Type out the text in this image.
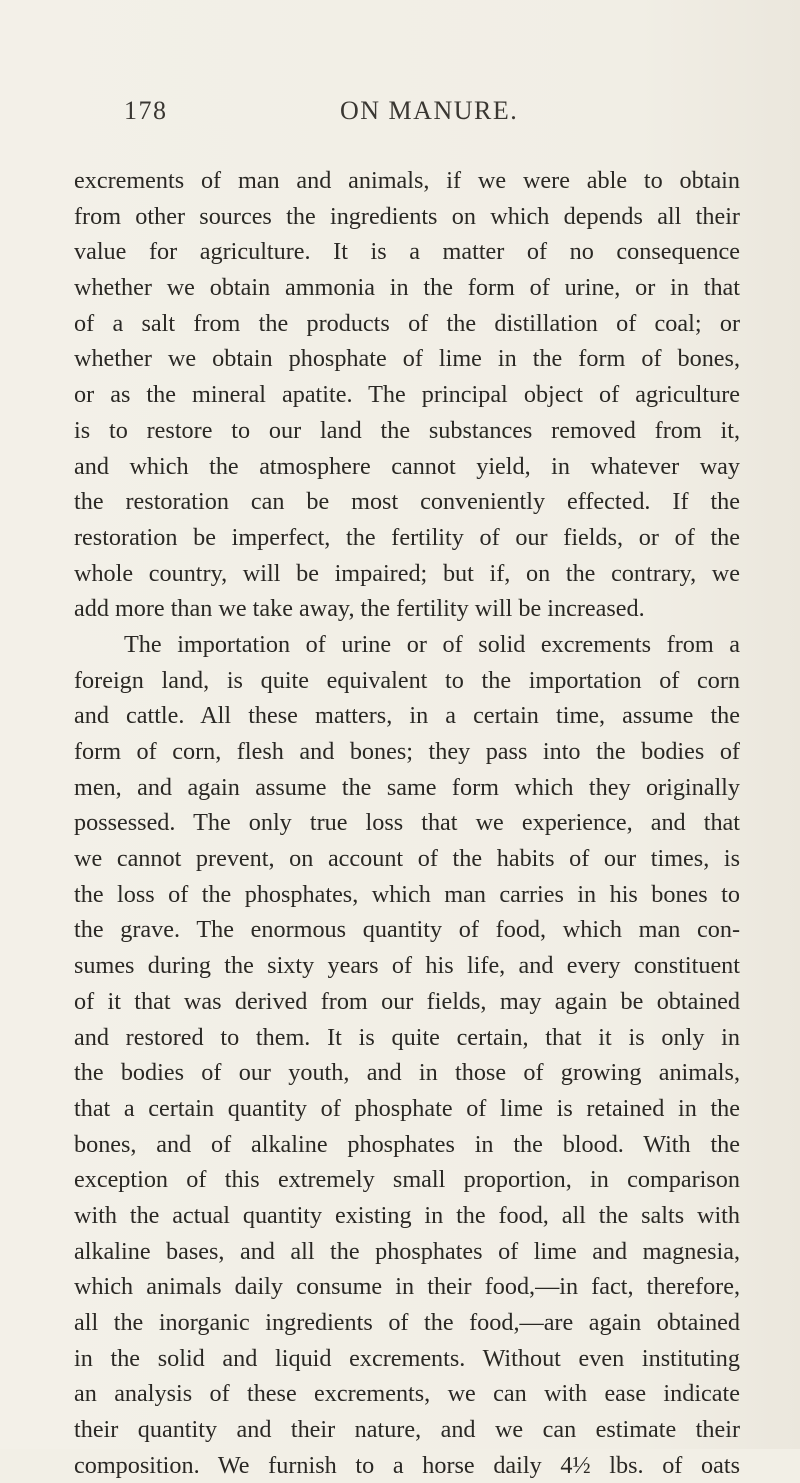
178	ON MANURE.
excrements of man and animals, if we were able to obtain
from other sources the ingredients on which depends all their
value for agriculture. It is a matter of no consequence
whether we obtain ammonia in the form of urine, or in that
of a salt from the products of the distillation of coal; or
whether we obtain phosphate of lime in the form of bones,
or as the mineral apatite. The principal object of agriculture
is to restore to our land the substances removed from it,
and which the atmosphere cannot yield, in whatever way
the restoration can be most conveniently effected. If the
restoration be imperfect, the fertility of our fields, or of the
whole country, will be impaired; but if, on the contrary, we
add more than we take away, the fertility will be increased.
The importation of urine or of solid excrements from a
foreign land, is quite equivalent to the importation of corn
and cattle. All these matters, in a certain time, assume the
form of corn, flesh and bones; they pass into the bodies of
men, and again assume the same form which they originally
possessed. The only true loss that we experience, and that
we cannot prevent, on account of the habits of our times, is
the loss of the phosphates, which man carries in his bones to
the grave. The enormous quantity of food, which man con-
sumes during the sixty years of his life, and every constituent
of it that was derived from our fields, may again be obtained
and restored to them. It is quite certain, that it is only in
the bodies of our youth, and in those of growing animals,
that a certain quantity of phosphate of lime is retained in the
bones, and of alkaline phosphates in the blood. With the
exception of this extremely small proportion, in comparison
with the actual quantity existing in the food, all the salts with
alkaline bases, and all the phosphates of lime and magnesia,
which animals daily consume in their food,—in fact, therefore,
all the inorganic ingredients of the food,—are again obtained
in the solid and liquid excrements. Without even instituting
an analysis of these excrements, we can with ease indicate
their quantity and their nature, and we can estimate their
composition. We furnish to a horse daily 4½ lbs. of oats
